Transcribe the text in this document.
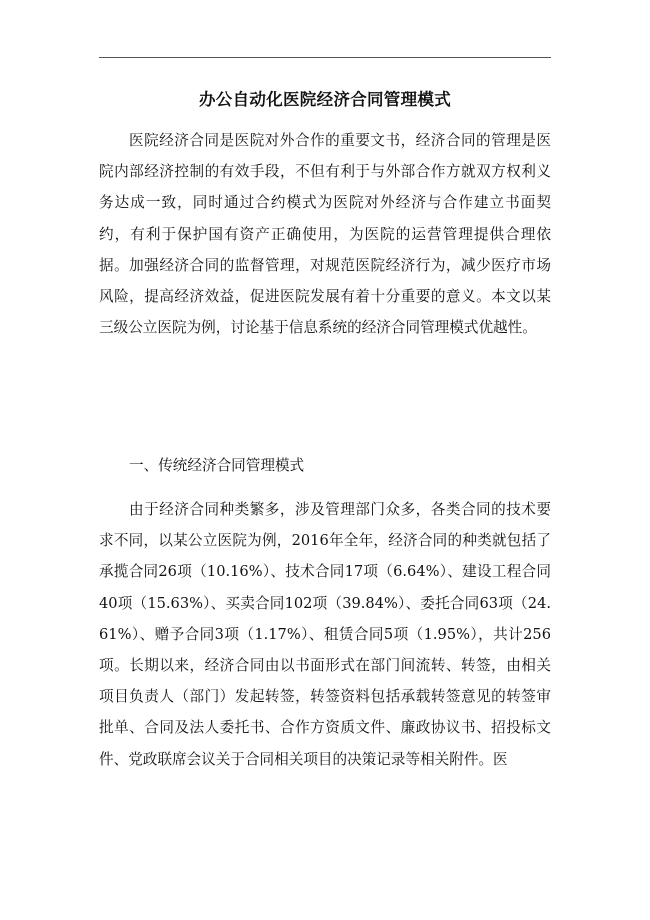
办公自动化医院经济合同管理模式

医院经济合同是医院对外合作的重要文书，经济合同的管理是医院内部经济控制的有效手段，不但有利于与外部合作方就双方权利义务达成一致，同时通过合约模式为医院对外经济与合作建立书面契约，有利于保护国有资产正确使用，为医院的运营管理提供合理依据。加强经济合同的监督管理，对规范医院经济行为，减少医疗市场风险，提高经济效益，促进医院发展有着十分重要的意义。本文以某三级公立医院为例，讨论基于信息系统的经济合同管理模式优越性。

一、传统经济合同管理模式

由于经济合同种类繁多，涉及管理部门众多，各类合同的技术要求不同，以某公立医院为例，2016年全年，经济合同的种类就包括了承揽合同26项（10.16%）、技术合同17项（6.64%）、建设工程合同40项（15.63%）、买卖合同102项（39.84%）、委托合同63项（24.61%）、赠予合同3项（1.17%）、租赁合同5项（1.95%），共计256项。长期以来，经济合同由以书面形式在部门间流转、转签，由相关项目负责人（部门）发起转签，转签资料包括承载转签意见的转签审批单、合同及法人委托书、合作方资质文件、廉政协议书、招投标文件、党政联席会议关于合同相关项目的决策记录等相关附件。医
